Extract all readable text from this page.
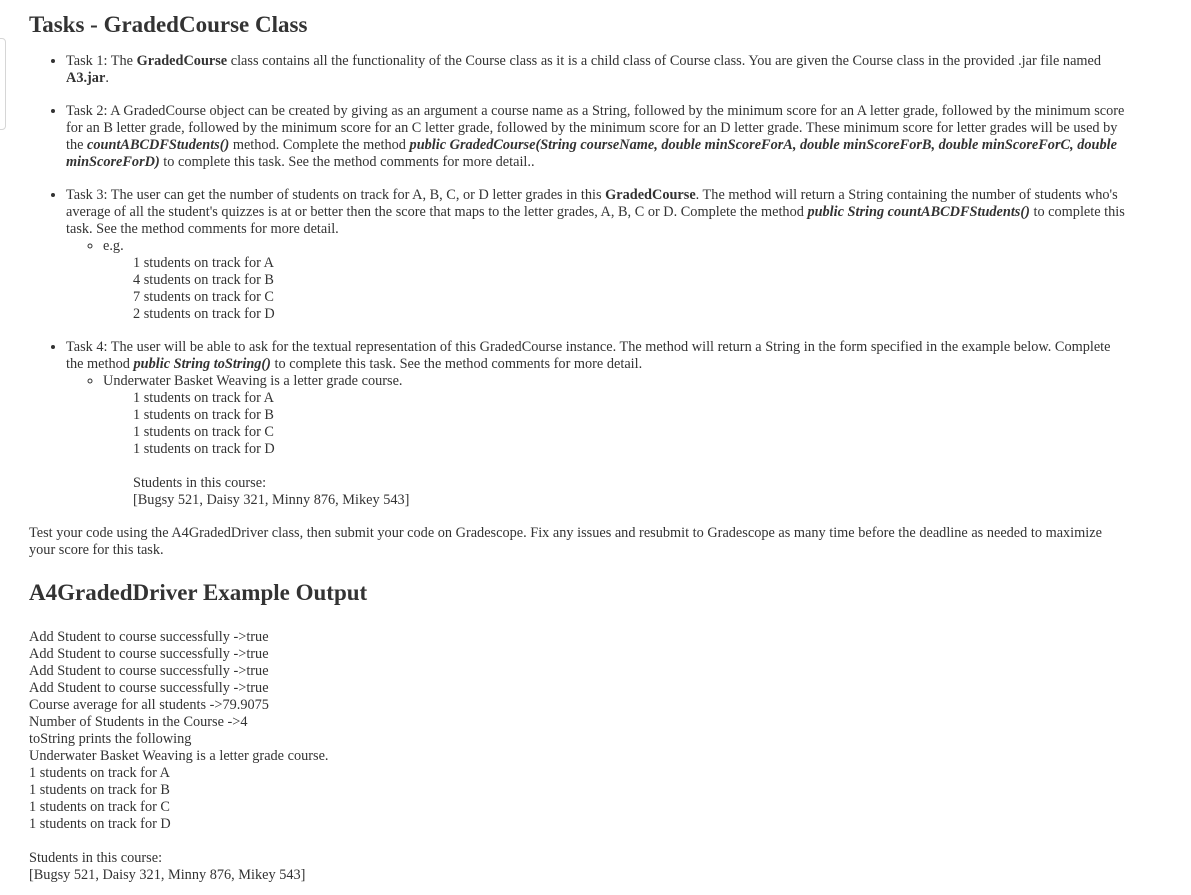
Tasks - GradedCourse Class
• Task 1: The GradedCourse class contains all the functionality of the Course class as it is a child class of Course class. You are given the Course class in the provided .jar file named A3.jar.
• Task 2: A GradedCourse object can be created by giving as an argument a course name as a String, followed by the minimum score for an A letter grade, followed by the minimum score for an B letter grade, followed by the minimum score for an C letter grade, followed by the minimum score for an D letter grade. These minimum score for letter grades will be used by the countABCDFStudents() method. Complete the method public GradedCourse(String courseName, double minScoreForA, double minScoreForB, double minScoreForC, double minScoreForD) to complete this task. See the method comments for more detail..
• Task 3: The user can get the number of students on track for A, B, C, or D letter grades in this GradedCourse. The method will return a String containing the number of students who's average of all the student's quizzes is at or better then the score that maps to the letter grades, A, B, C or D. Complete the method public String countABCDFStudents() to complete this task. See the method comments for more detail.
◦ e.g.
1 students on track for A
4 students on track for B
7 students on track for C
2 students on track for D
• Task 4: The user will be able to ask for the textual representation of this GradedCourse instance. The method will return a String in the form specified in the example below. Complete the method public String toString() to complete this task. See the method comments for more detail.
◦ Underwater Basket Weaving is a letter grade course.
1 students on track for A
1 students on track for B
1 students on track for C
1 students on track for D
Students in this course:
[Bugsy 521, Daisy 321, Minny 876, Mikey 543]

Test your code using the A4GradedDriver class, then submit your code on Gradescope. Fix any issues and resubmit to Gradescope as many time before the deadline as needed to maximize your score for this task.

A4GradedDriver Example Output
Add Student to course successfully ->true
Add Student to course successfully ->true
Add Student to course successfully ->true
Add Student to course successfully ->true
Course average for all students ->79.9075
Number of Students in the Course ->4
toString prints the following
Underwater Basket Weaving is a letter grade course.
1 students on track for A
1 students on track for B
1 students on track for C
1 students on track for D
Students in this course:
[Bugsy 521, Daisy 321, Minny 876, Mikey 543]
